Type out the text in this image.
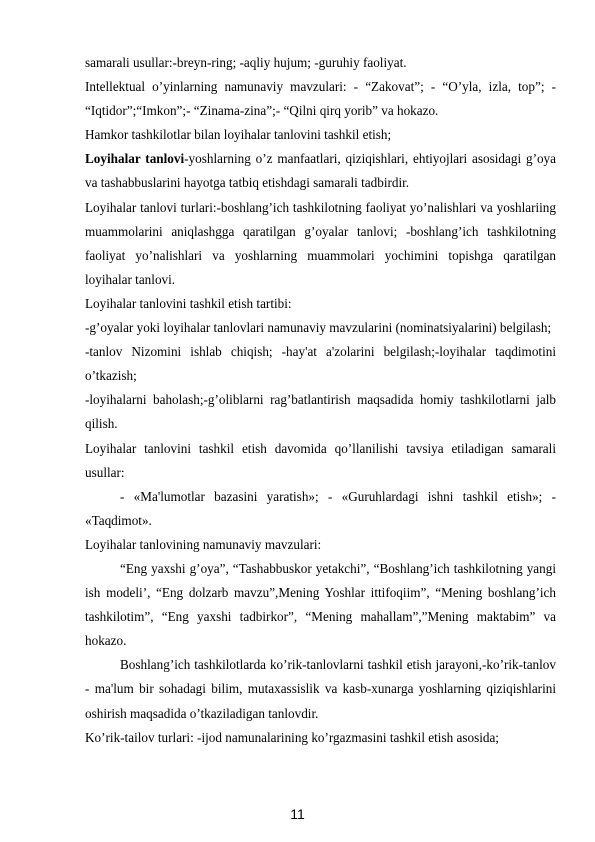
samarali usullar:-breyn-ring; -aqliy hujum; -guruhiy faoliyat.

Intellektual o’yinlarning namunaviy mavzulari: - “Zakovat”; - “O’yla, izla, top”; - “Iqtidor”;“Imkon”;- “Zinama-zina”;- “Qilni qirq yorib” va hokazo.

Hamkor tashkilotlar bilan loyihalar tanlovini tashkil etish;

Loyihalar tanlovi-yoshlarning o’z manfaatlari, qiziqishlari, ehtiyojlari asosidagi g’oya va tashabbuslarini hayotga tatbiq etishdagi samarali tadbirdir.

Loyihalar tanlovi turlari:-boshlang’ich tashkilotning faoliyat yo’nalishlari va yoshlariing muammolarini aniqlashgga qaratilgan g’oyalar tanlovi; -boshlang’ich tashkilotning faoliyat yo’nalishlari va yoshlarning muammolari yochimini topishga qaratilgan loyihalar tanlovi.

Loyihalar tanlovini tashkil etish tartibi:

-g’oyalar yoki loyihalar tanlovlari namunaviy mavzularini (nominatsiyalarini) belgilash;

-tanlov Nizomini ishlab chiqish; -hay'at a'zolarini belgilash;-loyihalar taqdimotini o’tkazish;

-loyihalarni baholash;-g’oliblarni rag’batlantirish maqsadida homiy tashkilotlarni jalb qilish.

Loyihalar tanlovini tashkil etish davomida qo’llanilishi tavsiya etiladigan samarali usullar:

- «Ma'lumotlar bazasini yaratish»; - «Guruhlardagi ishni tashkil etish»; - «Taqdimot».

Loyihalar tanlovining namunaviy mavzulari:

“Eng yaxshi g’oya”, “Tashabbuskor yetakchi”, “Boshlang’ich tashkilotning yangi ish modeli’, “Eng dolzarb mavzu”,Mening Yoshlar ittifoqiim”, “Mening boshlang’ich tashkilotim”, “Eng yaxshi tadbirkor”, “Mening mahallam”,”Mening maktabim” va hokazo.

Boshlang’ich tashkilotlarda ko’rik-tanlovlarni tashkil etish jarayoni,-ko’rik-tanlov - ma'lum bir sohadagi bilim, mutaxassislik va kasb-xunarga yoshlarning qiziqishlarini oshirish maqsadida o’tkaziladigan tanlovdir.

Ko’rik-tailov turlari: -ijod namunalarining ko’rgazmasini tashkil etish asosida;

11
